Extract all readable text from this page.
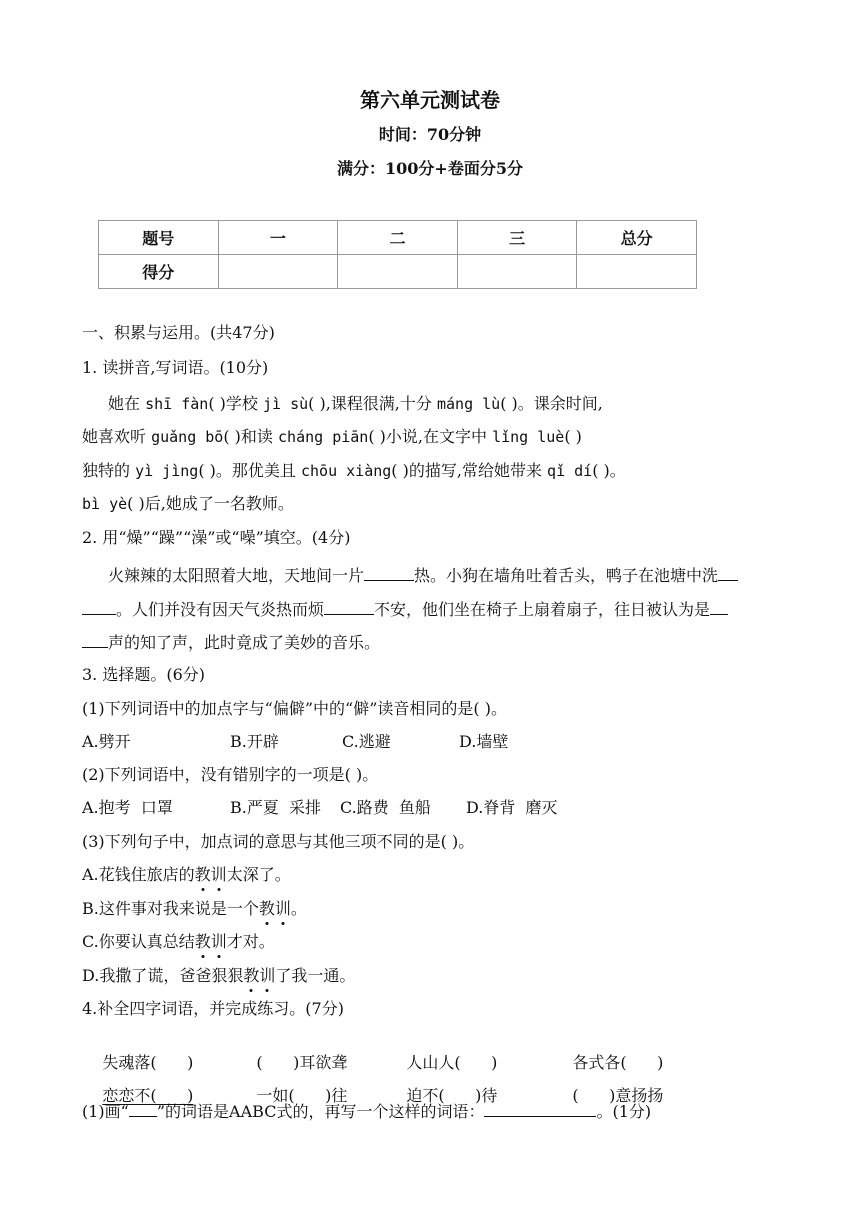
第六单元测试卷
时间：70分钟
满分：100分+卷面分5分
题号	一	二	三	总分
得分				
一、积累与运用。(共47分)
1. 读拼音,写词语。(10分)
她在 shī fàn( )学校 jì sù( ),课程很满,十分 máng lù( )。课余时间,
她喜欢听 guǎng bō( )和读 cháng piān( )小说,在文字中 lǐng luè( )
独特的 yì jìng( )。那优美且 chōu xiàng( )的描写,常给她带来 qǐ dí( )。
bì yè( )后,她成了一名教师。
2. 用“燥”“躁”“澡”或“噪”填空。(4分)
火辣辣的太阳照着大地，天地间一片	热。小狗在墙角吐着舌头，鸭子在池塘中洗
。人们并没有因天气炎热而烦	不安，他们坐在椅子上扇着扇子，往日被认为是
声的知了声，此时竟成了美妙的音乐。
3. 选择题。(6分)
(1)下列词语中的加点字与“偏僻”中的“僻”读音相同的是( )。
A.劈开	B.开辟	C.逃避	D.墙壁
(2)下列词语中，没有错别字的一项是( )。
A.抱考  口罩	B.严夏  采排 C.路费  鱼船 D.脊背  磨灭
(3)下列句子中，加点词的意思与其他三项不同的是( )。
A.花钱住旅店的教训太深了。
B.这件事对我来说是一个教训。
C.你要认真总结教训才对。
D.我撒了谎，爸爸狠狠教训了我一通。
4.补全四字词语，并完成练习。(7分)

失魂落(      )	(      )耳欲聋	人山人(      )	各式各(      )

恋恋不(      )	一如(      )往	迫不(      )待	(      )意扬扬

(1)画“ ”的词语是AABC式的，再写一个这样的词语：	。(1分)
